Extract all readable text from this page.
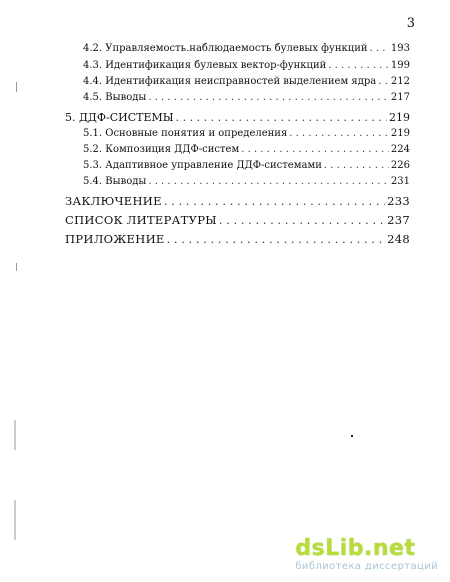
3
4.2. Управляемость.наблюдаемость булевых функций . . . 193
4.3. Идентификация булевых вектор-функций . . .	199
4.4. Идентификация неисправностей выделением ядра . . . 212
4.5. Выводы . . .	217
5. ДДФ-СИСТЕМЫ . . .	219
5.1. Основные понятия и определения . . .	219
5.2. Композиция ДДФ-систем . . .	224
5.3. Адаптивное управление ДДФ-системами . . .	226
5.4. Выводы . . .	231
ЗАКЛЮЧЕНИЕ . . .	233
СПИСОК ЛИТЕРАТУРЫ . . .	237
ПРИЛОЖЕНИЕ . . .	248
dsLib.net
библиотека диссертаций
